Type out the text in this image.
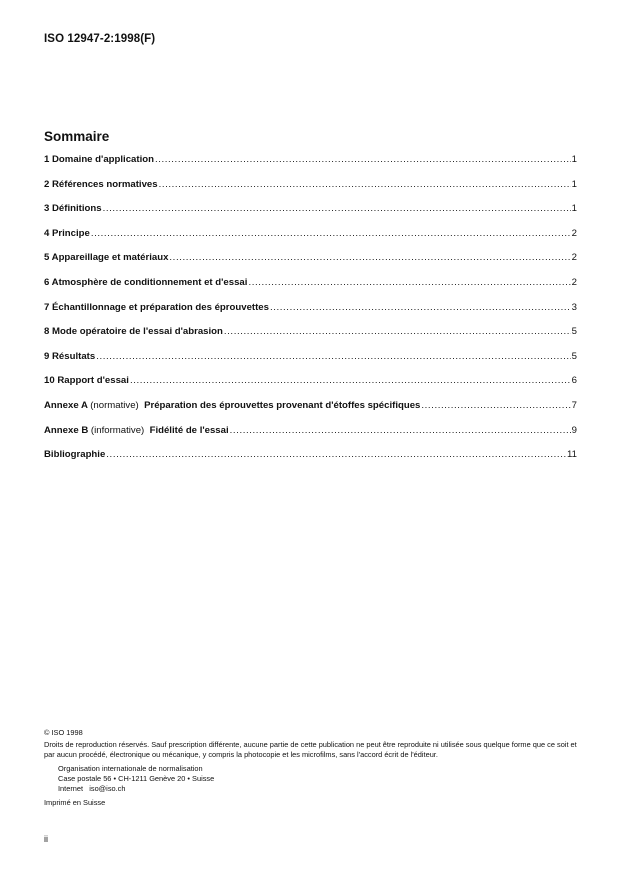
ISO 12947-2:1998(F)
Sommaire
1 Domaine d'application .....	1
2 Références normatives .....	1
3 Définitions .....	1
4 Principe .....	2
5 Appareillage et matériaux .....	2
6 Atmosphère de conditionnement et d'essai .....	2
7 Échantillonnage et préparation des éprouvettes .....	3
8 Mode opératoire de l'essai d'abrasion .....	5
9 Résultats .....	5
10 Rapport d'essai .....	6
Annexe A (normative) Préparation des éprouvettes provenant d'étoffes spécifiques .....	7
Annexe B (informative) Fidélité de l'essai .....	9
Bibliographie .....	11
© ISO 1998
Droits de reproduction réservés. Sauf prescription différente, aucune partie de cette publication ne peut être reproduite ni utilisée sous quelque forme que ce soit et par aucun procédé, électronique ou mécanique, y compris la photocopie et les microfilms, sans l'accord écrit de l'éditeur.
Organisation internationale de normalisation
Case postale 56 • CH-1211 Genève 20 • Suisse
Internet iso@iso.ch
Imprimé en Suisse
ii
